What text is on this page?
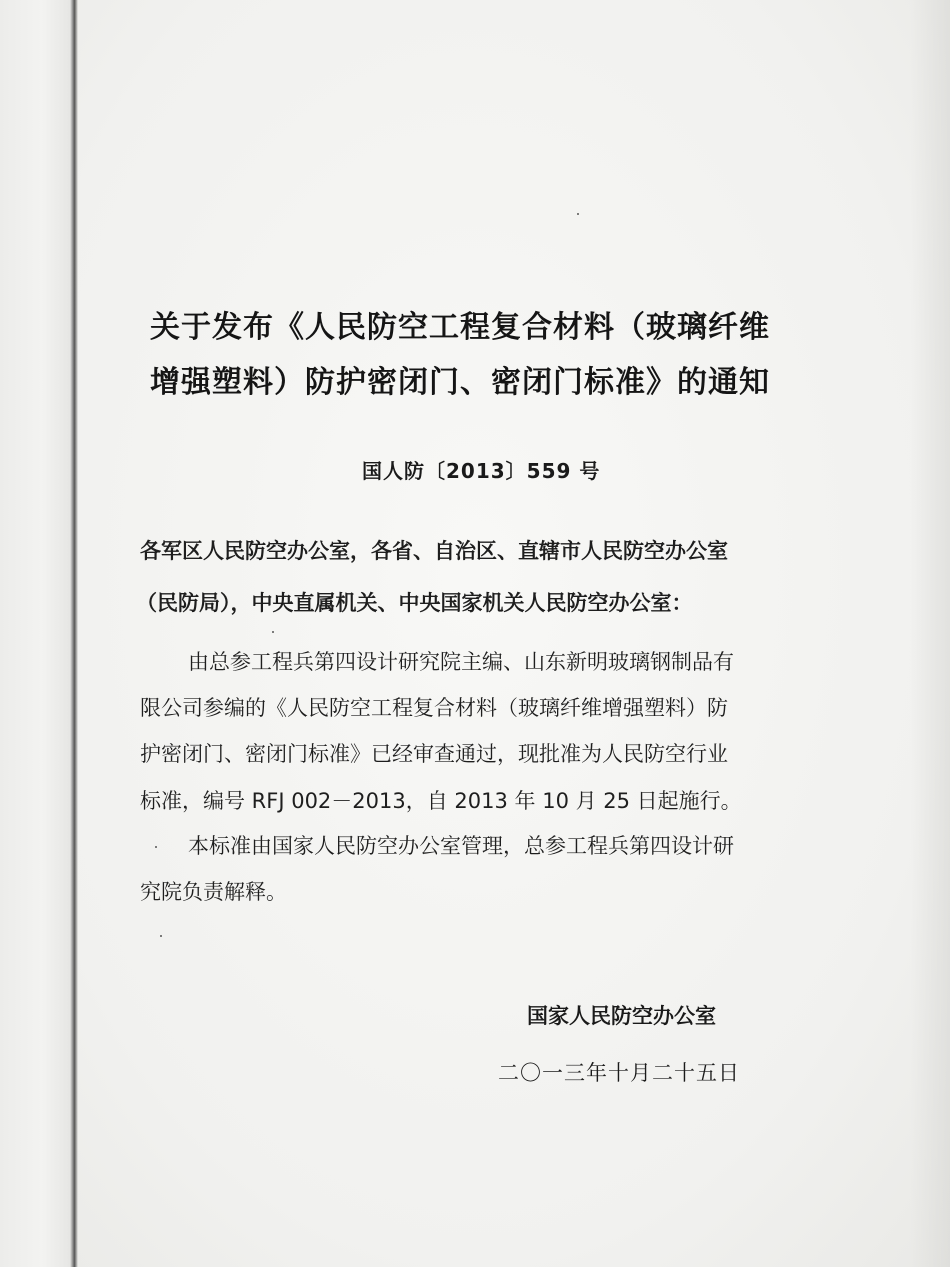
关于发布《人民防空工程复合材料（玻璃纤维
增强塑料）防护密闭门、密闭门标准》的通知
国人防〔2013〕559 号
各军区人民防空办公室，各省、自治区、直辖市人民防空办公室
（民防局），中央直属机关、中央国家机关人民防空办公室：
由总参工程兵第四设计研究院主编、山东新明玻璃钢制品有
限公司参编的《人民防空工程复合材料（玻璃纤维增强塑料）防
护密闭门、密闭门标准》已经审查通过，现批准为人民防空行业
标准，编号 RFJ 002－2013，自 2013 年 10 月 25 日起施行。
本标准由国家人民防空办公室管理，总参工程兵第四设计研
究院负责解释。
国家人民防空办公室
二〇一三年十月二十五日
